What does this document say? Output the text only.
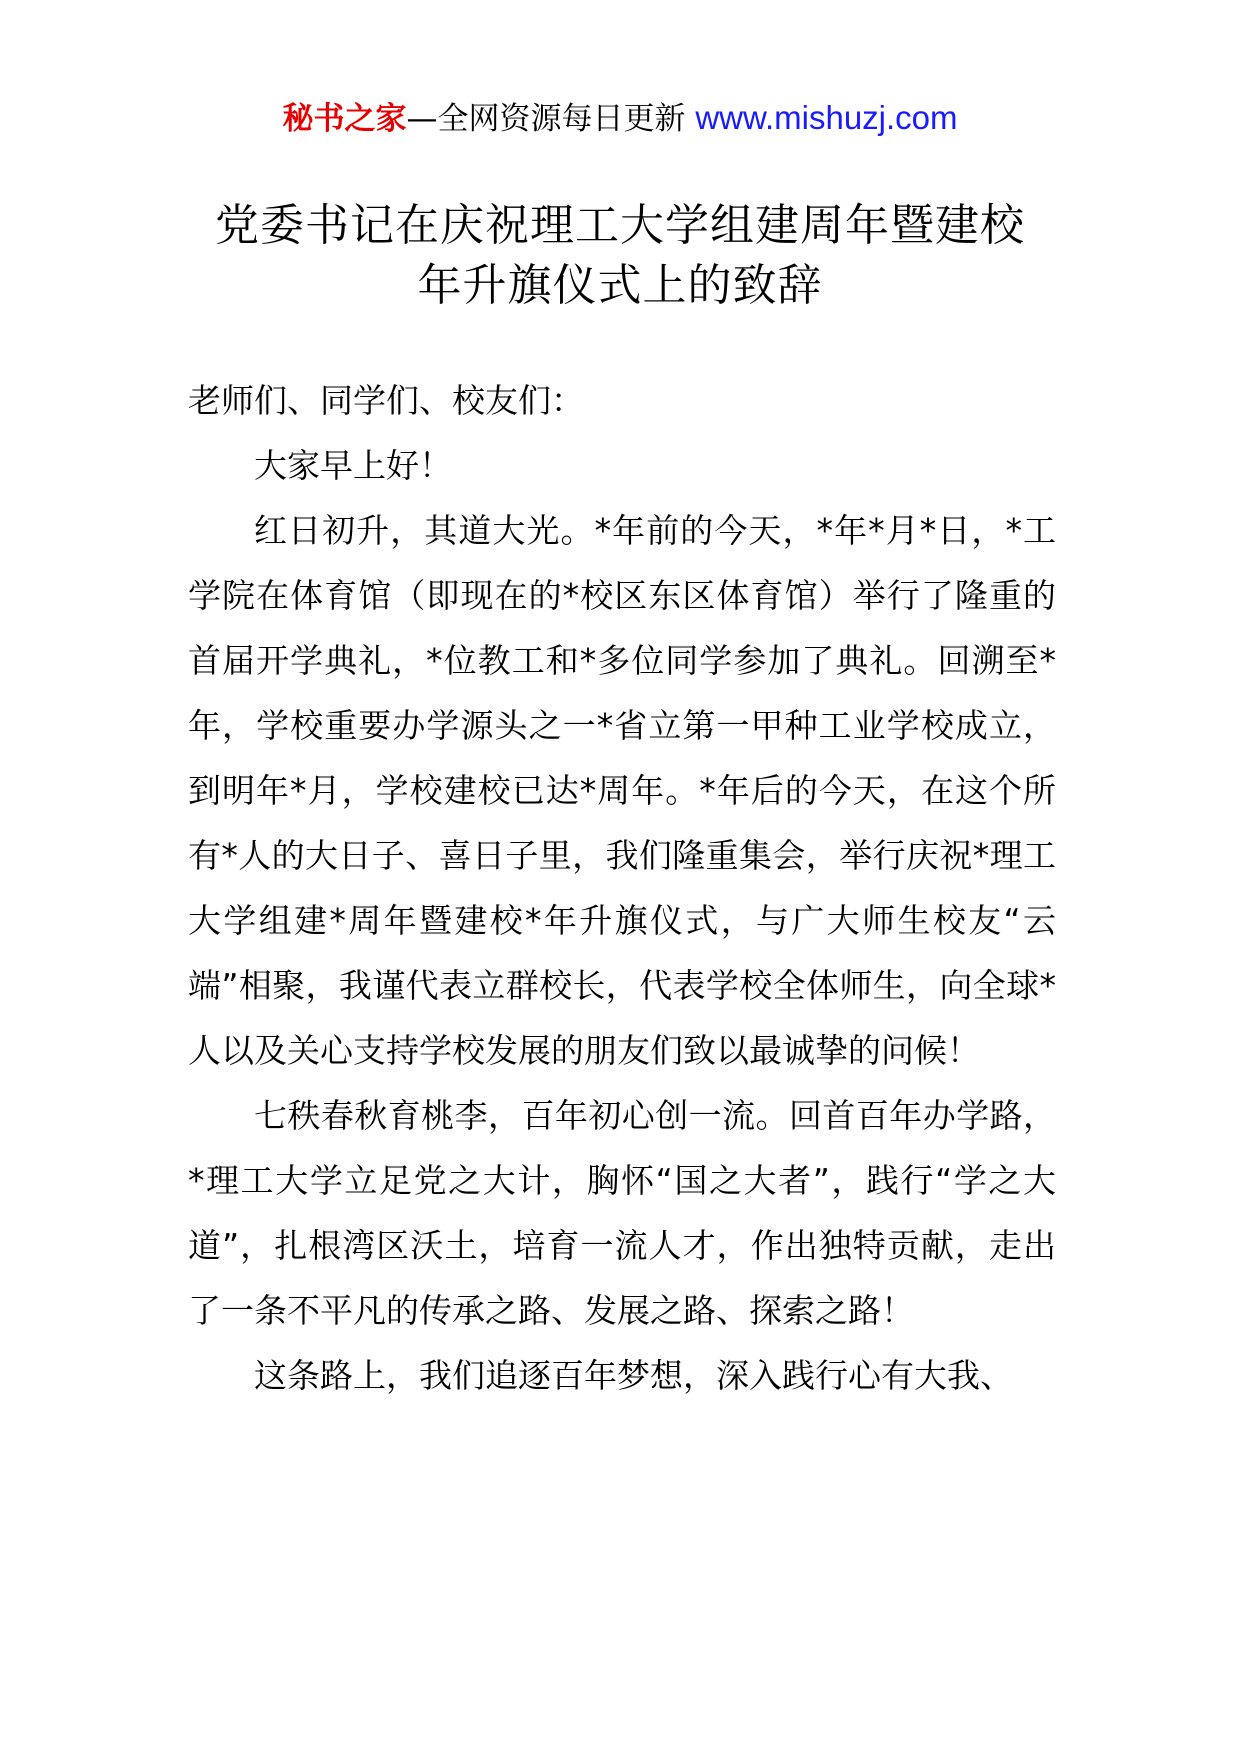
秘书之家—全网资源每日更新 www.mishuzj.com
党委书记在庆祝理工大学组建周年暨建校
年升旗仪式上的致辞

老师们、同学们、校友们：

大家早上好！

红日初升，其道大光。*年前的今天，*年*月*日，*工学院在体育馆（即现在的*校区东区体育馆）举行了隆重的首届开学典礼，*位教工和*多位同学参加了典礼。回溯至*年，学校重要办学源头之一*省立第一甲种工业学校成立，到明年*月，学校建校已达*周年。*年后的今天，在这个所有*人的大日子、喜日子里，我们隆重集会，举行庆祝*理工大学组建*周年暨建校*年升旗仪式，与广大师生校友“云端”相聚，我谨代表立群校长，代表学校全体师生，向全球*人以及关心支持学校发展的朋友们致以最诚挚的问候！

七秩春秋育桃李，百年初心创一流。回首百年办学路，*理工大学立足党之大计，胸怀“国之大者”，践行“学之大道”，扎根湾区沃土，培育一流人才，作出独特贡献，走出了一条不平凡的传承之路、发展之路、探索之路！

这条路上，我们追逐百年梦想，深入践行心有大我、
